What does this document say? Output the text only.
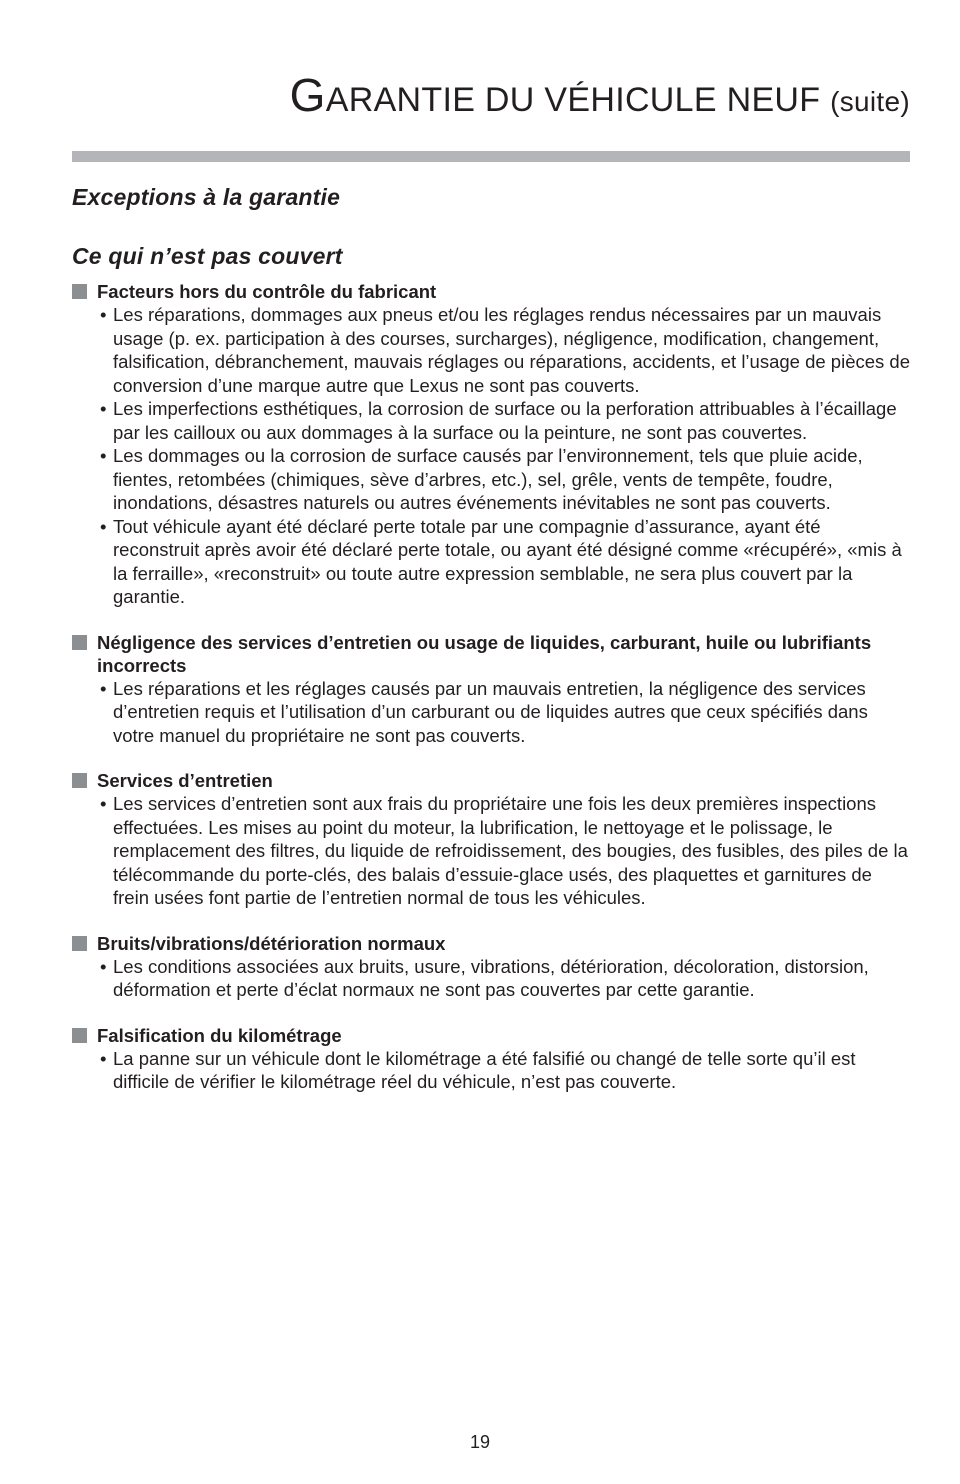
GARANTIE DU VÉHICULE NEUF (suite)
Exceptions à la garantie
Ce qui n’est pas couvert
Facteurs hors du contrôle du fabricant
• Les réparations, dommages aux pneus et/ou les réglages rendus nécessaires par un mauvais usage (p. ex. participation à des courses, surcharges), négligence, modification, changement, falsification, débranchement, mauvais réglages ou réparations, accidents, et l’usage de pièces de conversion d’une marque autre que Lexus ne sont pas couverts.
• Les imperfections esthétiques, la corrosion de surface ou la perforation attribuables à l’écaillage par les cailloux ou aux dommages à la surface ou la peinture, ne sont pas couvertes.
• Les dommages ou la corrosion de surface causés par l’environnement, tels que pluie acide, fientes, retombées (chimiques, sève d’arbres, etc.), sel, grêle, vents de tempête, foudre, inondations, désastres naturels ou autres événements inévitables ne sont pas couverts.
• Tout véhicule ayant été déclaré perte totale par une compagnie d’assurance, ayant été reconstruit après avoir été déclaré perte totale, ou ayant été désigné comme «récupéré», «mis à la ferraille», «reconstruit» ou toute autre expression semblable, ne sera plus couvert par la garantie.
Négligence des services d’entretien ou usage de liquides, carburant, huile ou lubrifiants incorrects
• Les réparations et les réglages causés par un mauvais entretien, la négligence des services d’entretien requis et l’utilisation d’un carburant ou de liquides autres que ceux spécifiés dans votre manuel du propriétaire ne sont pas couverts.
Services d’entretien
• Les services d’entretien sont aux frais du propriétaire une fois les deux premières inspections effectuées. Les mises au point du moteur, la lubrification, le nettoyage et le polissage, le remplacement des filtres, du liquide de refroidissement, des bougies, des fusibles, des piles de la télécommande du porte-clés, des balais d’essuie-glace usés, des plaquettes et garnitures de frein usées font partie de l’entretien normal de tous les véhicules.
Bruits/vibrations/détérioration normaux
• Les conditions associées aux bruits, usure, vibrations, détérioration, décoloration, distorsion, déformation et perte d’éclat normaux ne sont pas couvertes par cette garantie.
Falsification du kilométrage
• La panne sur un véhicule dont le kilométrage a été falsifié ou changé de telle sorte qu’il est difficile de vérifier le kilométrage réel du véhicule, n’est pas couverte.
19
